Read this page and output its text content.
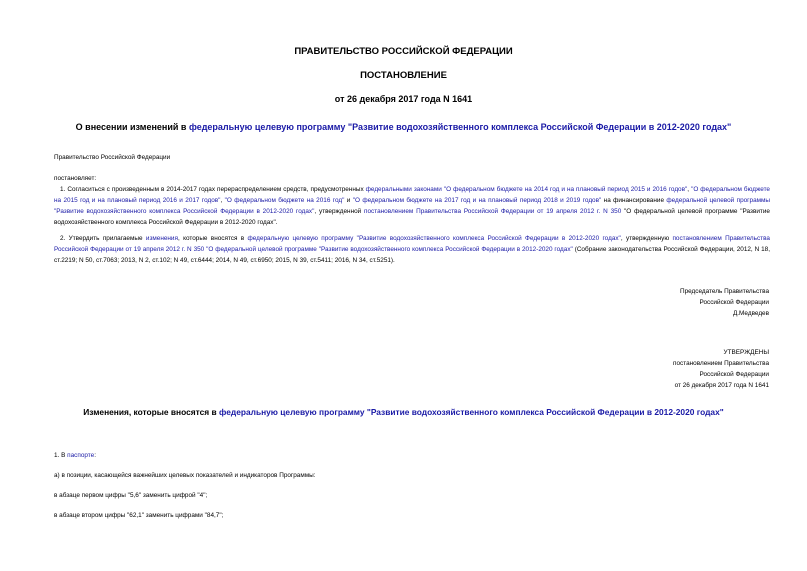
ПРАВИТЕЛЬСТВО РОССИЙСКОЙ ФЕДЕРАЦИИ
ПОСТАНОВЛЕНИЕ
от 26 декабря 2017 года N 1641
О внесении изменений в федеральную целевую программу "Развитие водохозяйственного комплекса Российской Федерации в 2012-2020 годах"
Правительство Российской Федерации
постановляет:
1. Согласиться с произведенным в 2014-2017 годах перераспределением средств, предусмотренных федеральными законами "О федеральном бюджете на 2014 год и на плановый период 2015 и 2016 годов", "О федеральном бюджете на 2015 год и на плановый период 2016 и 2017 годов", "О федеральном бюджете на 2016 год" и "О федеральном бюджете на 2017 год и на плановый период 2018 и 2019 годов" на финансирование федеральной целевой программы "Развитие водохозяйственного комплекса Российской Федерации в 2012-2020 годах", утвержденной постановлением Правительства Российской Федерации от 19 апреля 2012 г. N 350 "О федеральной целевой программе "Развитие водохозяйственного комплекса Российской Федерации в 2012-2020 годах".
2. Утвердить прилагаемые изменения, которые вносятся в федеральную целевую программу "Развитие водохозяйственного комплекса Российской Федерации в 2012-2020 годах", утвержденную постановлением Правительства Российской Федерации от 19 апреля 2012 г. N 350 "О федеральной целевой программе "Развитие водохозяйственного комплекса Российской Федерации в 2012-2020 годах" (Собрание законодательства Российской Федерации, 2012, N 18, ст.2219; N 50, ст.7063; 2013, N 2, ст.102; N 49, ст.6444; 2014, N 49, ст.6950; 2015, N 39, ст.5411; 2016, N 34, ст.5251).
Председатель Правительства
Российской Федерации
Д.Медведев
УТВЕРЖДЕНЫ
постановлением Правительства
Российской Федерации
от 26 декабря 2017 года N 1641
Изменения, которые вносятся в федеральную целевую программу "Развитие водохозяйственного комплекса Российской Федерации в 2012-2020 годах"
1. В паспорте:
а) в позиции, касающейся важнейших целевых показателей и индикаторов Программы:
в абзаце первом цифры "5,6" заменить цифрой "4";
в абзаце втором цифры "62,1" заменить цифрами "84,7";
